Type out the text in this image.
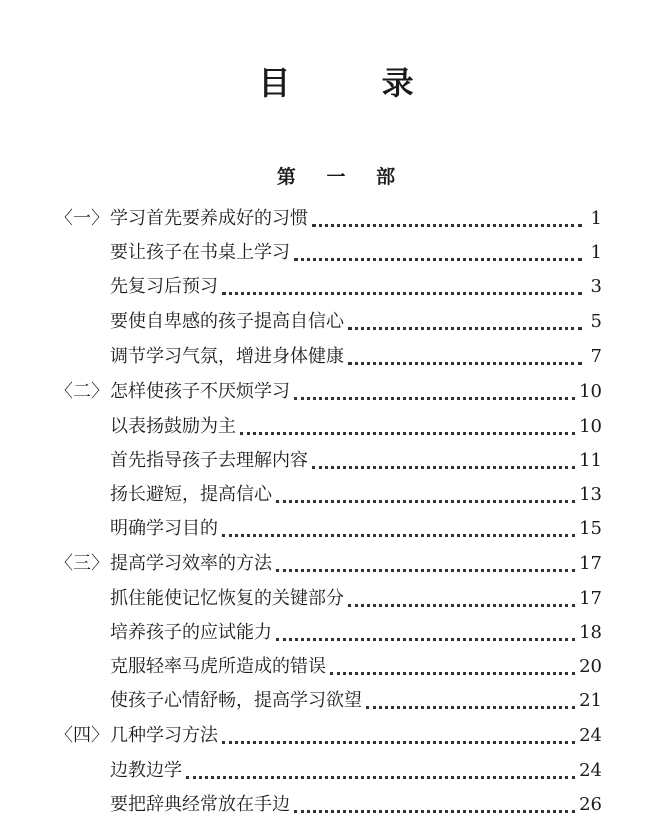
目 录
第 一 部
〈一〉 学习首先要养成好的习惯	1
要让孩子在书桌上学习	1
先复习后预习	3
要使自卑感的孩子提高自信心	5
调节学习气氛，增进身体健康	7
〈二〉 怎样使孩子不厌烦学习	10
以表扬鼓励为主	10
首先指导孩子去理解内容	11
扬长避短，提高信心	13
明确学习目的	15
〈三〉 提高学习效率的方法	17
抓住能使记忆恢复的关键部分	17
培养孩子的应试能力	18
克服轻率马虎所造成的错误	20
使孩子心情舒畅，提高学习欲望	21
〈四〉 几种学习方法	24
边教边学	24
要把辞典经常放在手边	26
